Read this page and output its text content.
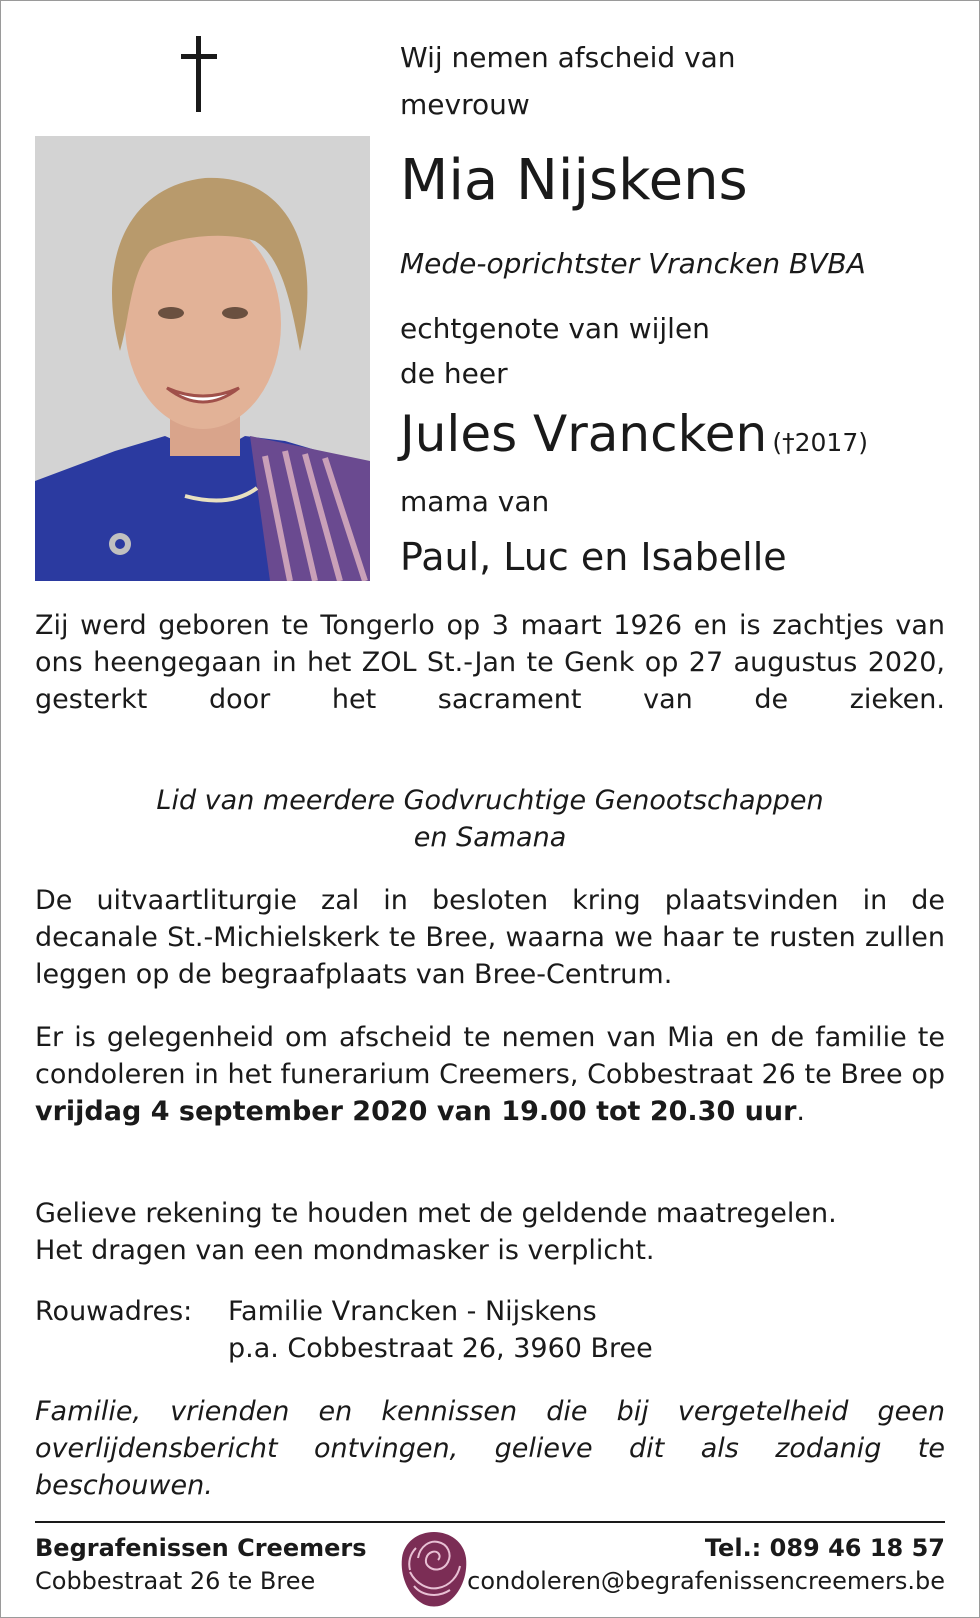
Wij nemen afscheid van
mevrouw
Mia Nijskens
Mede-oprichtster Vrancken BVBA
echtgenote van wijlen
de heer
Jules Vrancken (†2017)
mama van
Paul, Luc en Isabelle
Zij werd geboren te Tongerlo op 3 maart 1926 en is zachtjes van ons heengegaan in het ZOL St.-Jan te Genk op 27 augustus 2020, gesterkt door het sacrament van de zieken.
Lid van meerdere Godvruchtige Genootschappen
en Samana
De uitvaartliturgie zal in besloten kring plaatsvinden in de decanale St.-Michielskerk te Bree, waarna we haar te rusten zullen leggen op de begraafplaats van Bree-Centrum.
Er is gelegenheid om afscheid te nemen van Mia en de familie te condoleren in het funerarium Creemers, Cobbestraat 26 te Bree op vrijdag 4 september 2020 van 19.00 tot 20.30 uur.
Gelieve rekening te houden met de geldende maatregelen.
Het dragen van een mondmasker is verplicht.
Rouwadres: Familie Vrancken - Nijskens
p.a. Cobbestraat 26, 3960 Bree
Familie, vrienden en kennissen die bij vergetelheid geen overlijdensbericht ontvingen, gelieve dit als zodanig te beschouwen.
Begrafenissen Creemers
Cobbestraat 26 te Bree
Tel.: 089 46 18 57
condoleren@begrafenissencreemers.be
